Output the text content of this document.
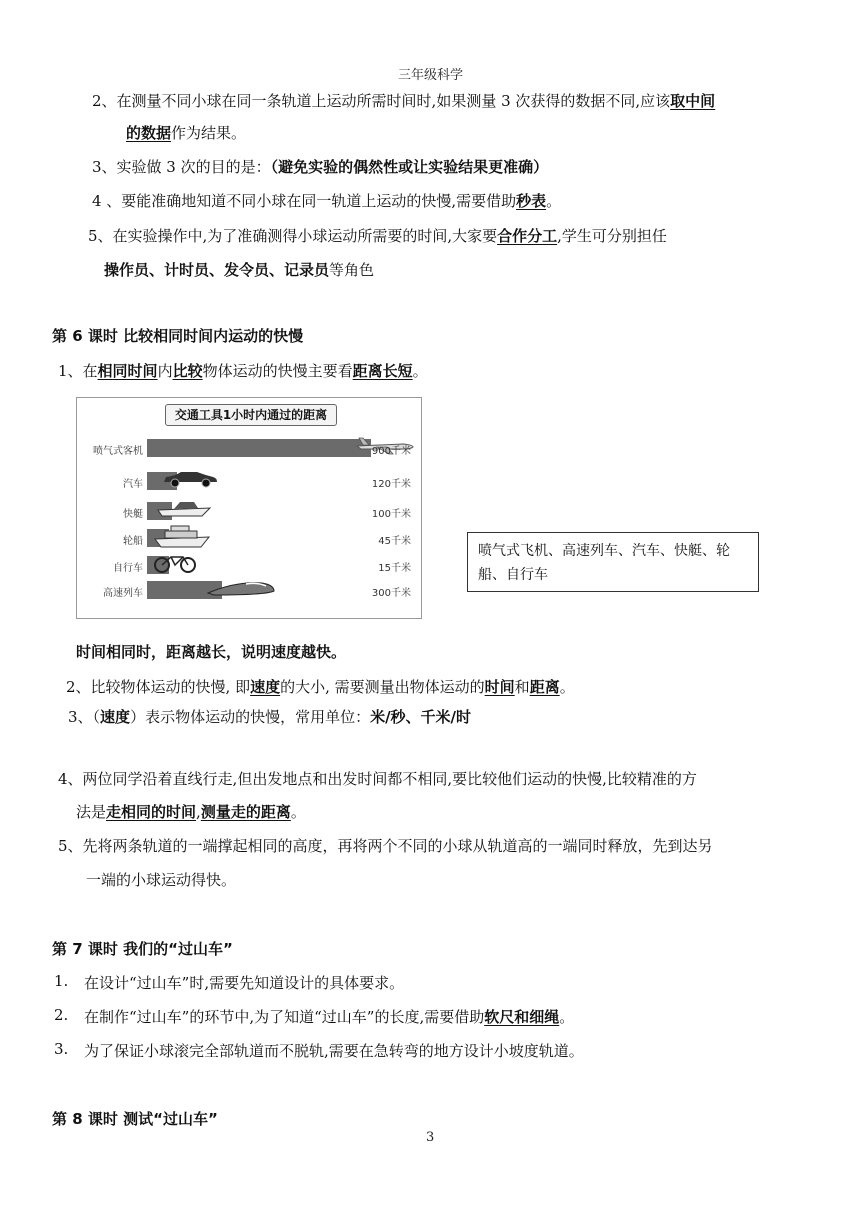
三年级科学
2、在测量不同小球在同一条轨道上运动所需时间时,如果测量 3 次获得的数据不同,应该取中间
的数据作为结果。
3、实验做 3 次的目的是：（避免实验的偶然性或让实验结果更准确）
4 、要能准确地知道不同小球在同一轨道上运动的快慢,需要借助秒表。
5、在实验操作中,为了准确测得小球运动所需要的时间,大家要合作分工,学生可分别担任
操作员、计时员、发令员、记录员等角色
第 6 课时 比较相同时间内运动的快慢
1、在相同时间内比较物体运动的快慢主要看距离长短。
交通工具1小时内通过的距离
喷气式客机	900千米
汽车	120千米
快艇	100千米
轮船	45千米
自行车	15千米
高速列车	300千米
喷气式飞机、高速列车、汽车、快艇、轮船、自行车
时间相同时，距离越长，说明速度越快。
2、比较物体运动的快慢, 即速度的大小, 需要测量出物体运动的时间和距离。
3、（速度）表示物体运动的快慢，常用单位：米/秒、千米/时
4、两位同学沿着直线行走,但出发地点和出发时间都不相同,要比较他们运动的快慢,比较精准的方
法是走相同的时间,测量走的距离。
5、先将两条轨道的一端撑起相同的高度，再将两个不同的小球从轨道高的一端同时释放，先到达另
一端的小球运动得快。
第 7 课时 我们的“过山车”
1. 在设计“过山车”时,需要先知道设计的具体要求。
2. 在制作“过山车”的环节中,为了知道“过山车”的长度,需要借助软尺和细绳。
3. 为了保证小球滚完全部轨道而不脱轨,需要在急转弯的地方设计小坡度轨道。
第 8 课时 测试“过山车”
3
